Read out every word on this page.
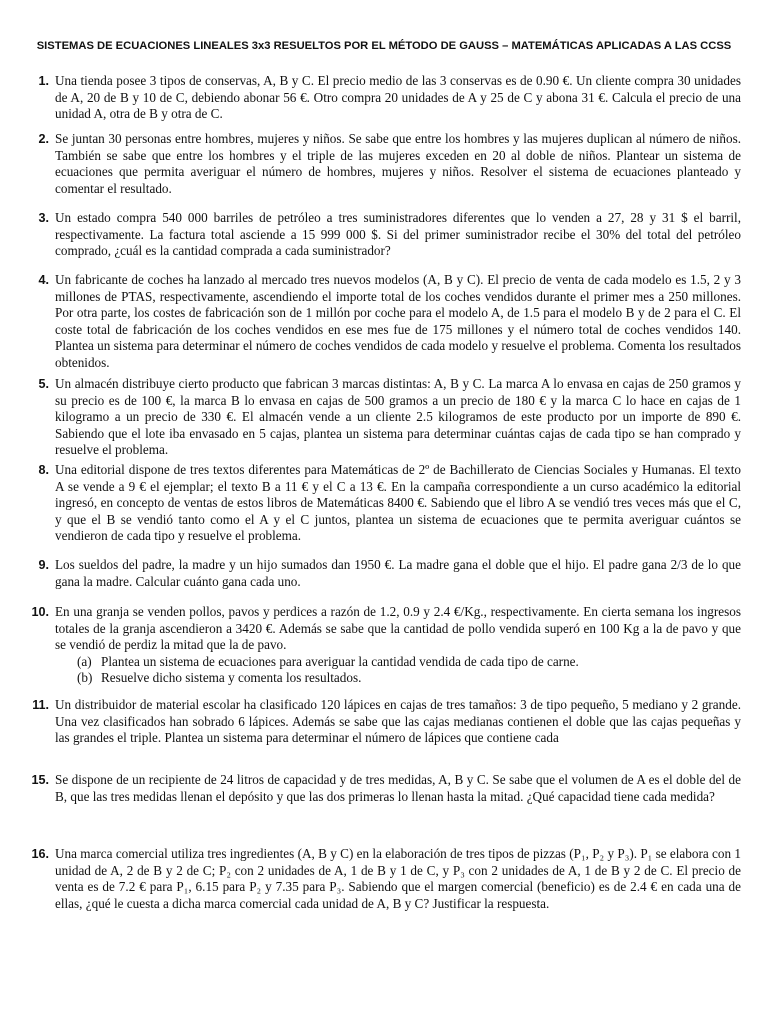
SISTEMAS DE ECUACIONES LINEALES 3x3 RESUELTOS POR EL MÉTODO DE GAUSS – MATEMÁTICAS APLICADAS A LAS CCSS
1. Una tienda posee 3 tipos de conservas, A, B y C. El precio medio de las 3 conservas es de 0.90 €. Un cliente compra 30 unidades de A, 20 de B y 10 de C, debiendo abonar 56 €. Otro compra 20 unidades de A y 25 de C y abona 31 €. Calcula el precio de una unidad A, otra de B y otra de C.
2. Se juntan 30 personas entre hombres, mujeres y niños. Se sabe que entre los hombres y las mujeres duplican al número de niños. También se sabe que entre los hombres y el triple de las mujeres exceden en 20 al doble de niños. Plantear un sistema de ecuaciones que permita averiguar el número de hombres, mujeres y niños. Resolver el sistema de ecuaciones planteado y comentar el resultado.
3. Un estado compra 540 000 barriles de petróleo a tres suministradores diferentes que lo venden a 27, 28 y 31 $ el barril, respectivamente. La factura total asciende a 15 999 000 $. Si del primer suministrador recibe el 30% del total del petróleo comprado, ¿cuál es la cantidad comprada a cada suministrador?
4. Un fabricante de coches ha lanzado al mercado tres nuevos modelos (A, B y C). El precio de venta de cada modelo es 1.5, 2 y 3 millones de PTAS, respectivamente, ascendiendo el importe total de los coches vendidos durante el primer mes a 250 millones. Por otra parte, los costes de fabricación son de 1 millón por coche para el modelo A, de 1.5 para el modelo B y de 2 para el C. El coste total de fabricación de los coches vendidos en ese mes fue de 175 millones y el número total de coches vendidos 140. Plantea un sistema para determinar el número de coches vendidos de cada modelo y resuelve el problema. Comenta los resultados obtenidos.
5. Un almacén distribuye cierto producto que fabrican 3 marcas distintas: A, B y C. La marca A lo envasa en cajas de 250 gramos y su precio es de 100 €, la marca B lo envasa en cajas de 500 gramos a un precio de 180 € y la marca C lo hace en cajas de 1 kilogramo a un precio de 330 €. El almacén vende a un cliente 2.5 kilogramos de este producto por un importe de 890 €. Sabiendo que el lote iba envasado en 5 cajas, plantea un sistema para determinar cuántas cajas de cada tipo se han comprado y resuelve el problema.
8. Una editorial dispone de tres textos diferentes para Matemáticas de 2º de Bachillerato de Ciencias Sociales y Humanas. El texto A se vende a 9 € el ejemplar; el texto B a 11 € y el C a 13 €. En la campaña correspondiente a un curso académico la editorial ingresó, en concepto de ventas de estos libros de Matemáticas 8400 €. Sabiendo que el libro A se vendió tres veces más que el C, y que el B se vendió tanto como el A y el C juntos, plantea un sistema de ecuaciones que te permita averiguar cuántos se vendieron de cada tipo y resuelve el problema.
9. Los sueldos del padre, la madre y un hijo sumados dan 1950 €. La madre gana el doble que el hijo. El padre gana 2/3 de lo que gana la madre. Calcular cuánto gana cada uno.
10. En una granja se venden pollos, pavos y perdices a razón de 1.2, 0.9 y 2.4 €/Kg., respectivamente. En cierta semana los ingresos totales de la granja ascendieron a 3420 €. Además se sabe que la cantidad de pollo vendida superó en 100 Kg a la de pavo y que se vendió de perdiz la mitad que la de pavo.
(a) Plantea un sistema de ecuaciones para averiguar la cantidad vendida de cada tipo de carne.
(b) Resuelve dicho sistema y comenta los resultados.
11. Un distribuidor de material escolar ha clasificado 120 lápices en cajas de tres tamaños: 3 de tipo pequeño, 5 mediano y 2 grande. Una vez clasificados han sobrado 6 lápices. Además se sabe que las cajas medianas contienen el doble que las cajas pequeñas y las grandes el triple. Plantea un sistema para determinar el número de lápices que contiene cada
15. Se dispone de un recipiente de 24 litros de capacidad y de tres medidas, A, B y C. Se sabe que el volumen de A es el doble del de B, que las tres medidas llenan el depósito y que las dos primeras lo llenan hasta la mitad. ¿Qué capacidad tiene cada medida?
16. Una marca comercial utiliza tres ingredientes (A, B y C) en la elaboración de tres tipos de pizzas (P₁, P₂ y P₃). P₁ se elabora con 1 unidad de A, 2 de B y 2 de C; P₂ con 2 unidades de A, 1 de B y 1 de C, y P₃ con 2 unidades de A, 1 de B y 2 de C. El precio de venta es de 7.2 € para P₁, 6.15 para P₂ y 7.35 para P₃. Sabiendo que el margen comercial (beneficio) es de 2.4 € en cada una de ellas, ¿qué le cuesta a dicha marca comercial cada unidad de A, B y C? Justificar la respuesta.
